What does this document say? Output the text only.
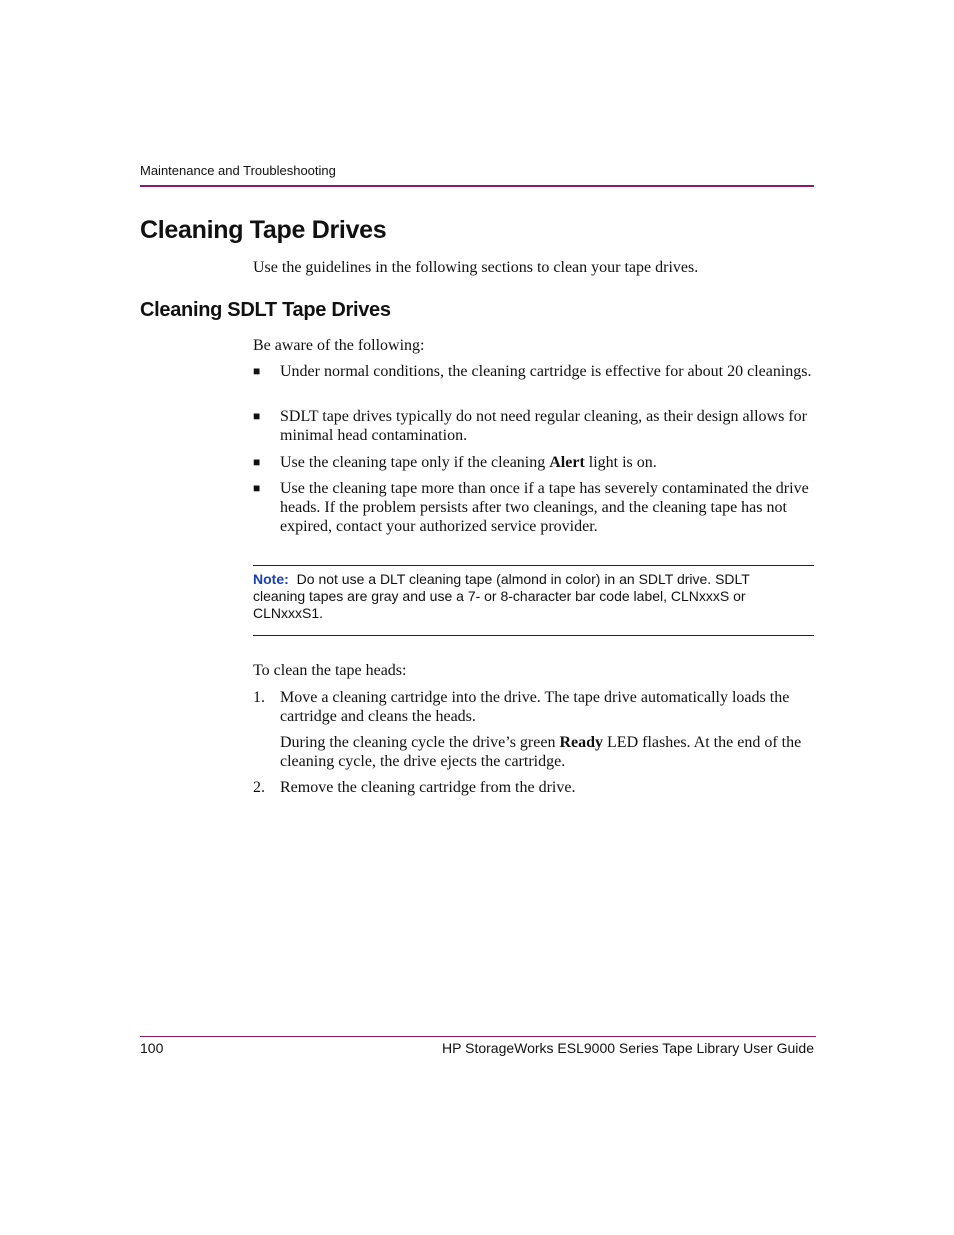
Maintenance and Troubleshooting
Cleaning Tape Drives
Use the guidelines in the following sections to clean your tape drives.
Cleaning SDLT Tape Drives
Be aware of the following:
■ Under normal conditions, the cleaning cartridge is effective for about 20 cleanings.
■ SDLT tape drives typically do not need regular cleaning, as their design allows for minimal head contamination.
■ Use the cleaning tape only if the cleaning Alert light is on.
■ Use the cleaning tape more than once if a tape has severely contaminated the drive heads. If the problem persists after two cleanings, and the cleaning tape has not expired, contact your authorized service provider.
Note: Do not use a DLT cleaning tape (almond in color) in an SDLT drive. SDLT cleaning tapes are gray and use a 7- or 8-character bar code label, CLNxxxS or CLNxxxS1.
To clean the tape heads:
1. Move a cleaning cartridge into the drive. The tape drive automatically loads the cartridge and cleans the heads.
During the cleaning cycle the drive’s green Ready LED flashes. At the end of the cleaning cycle, the drive ejects the cartridge.
2. Remove the cleaning cartridge from the drive.
100	HP StorageWorks ESL9000 Series Tape Library User Guide
